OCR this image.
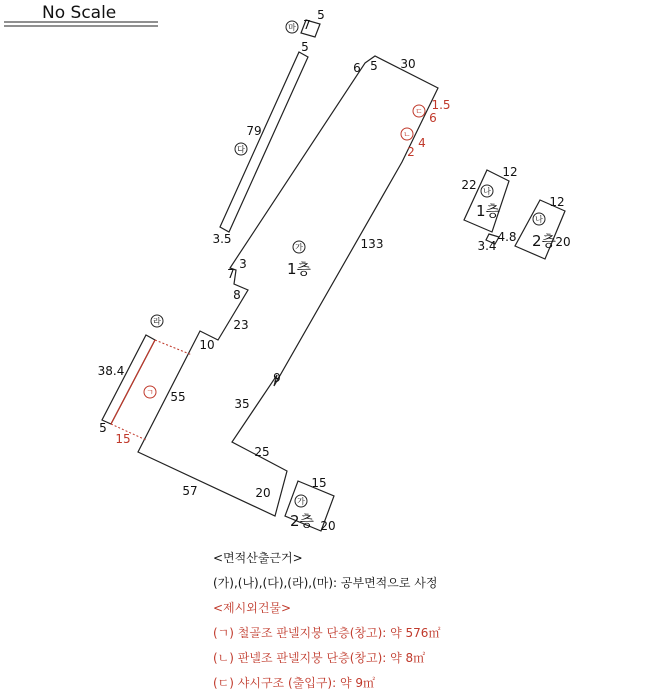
No Scale
마
5
7
5
79
3.5
다
6 5 30
133
3
7
8
23
10
55
9
35
25
20
57
가
1층
ㄷ 1.5
6
ㄴ
2
4
라
38.4
5
ㄱ
15
15
20
가
2층
12
22
3.4
4.8
나
1층	12
20
나
2층
<면적산출근거>
(가),(나),(다),(라),(마): 공부면적으로 사정
<제시외건물>
(ㄱ) 철골조 판넬지붕 단층(창고): 약 576㎡
(ㄴ) 판넬조 판넬지붕 단층(창고): 약 8㎡
(ㄷ) 샤시구조 (출입구): 약 9㎡
